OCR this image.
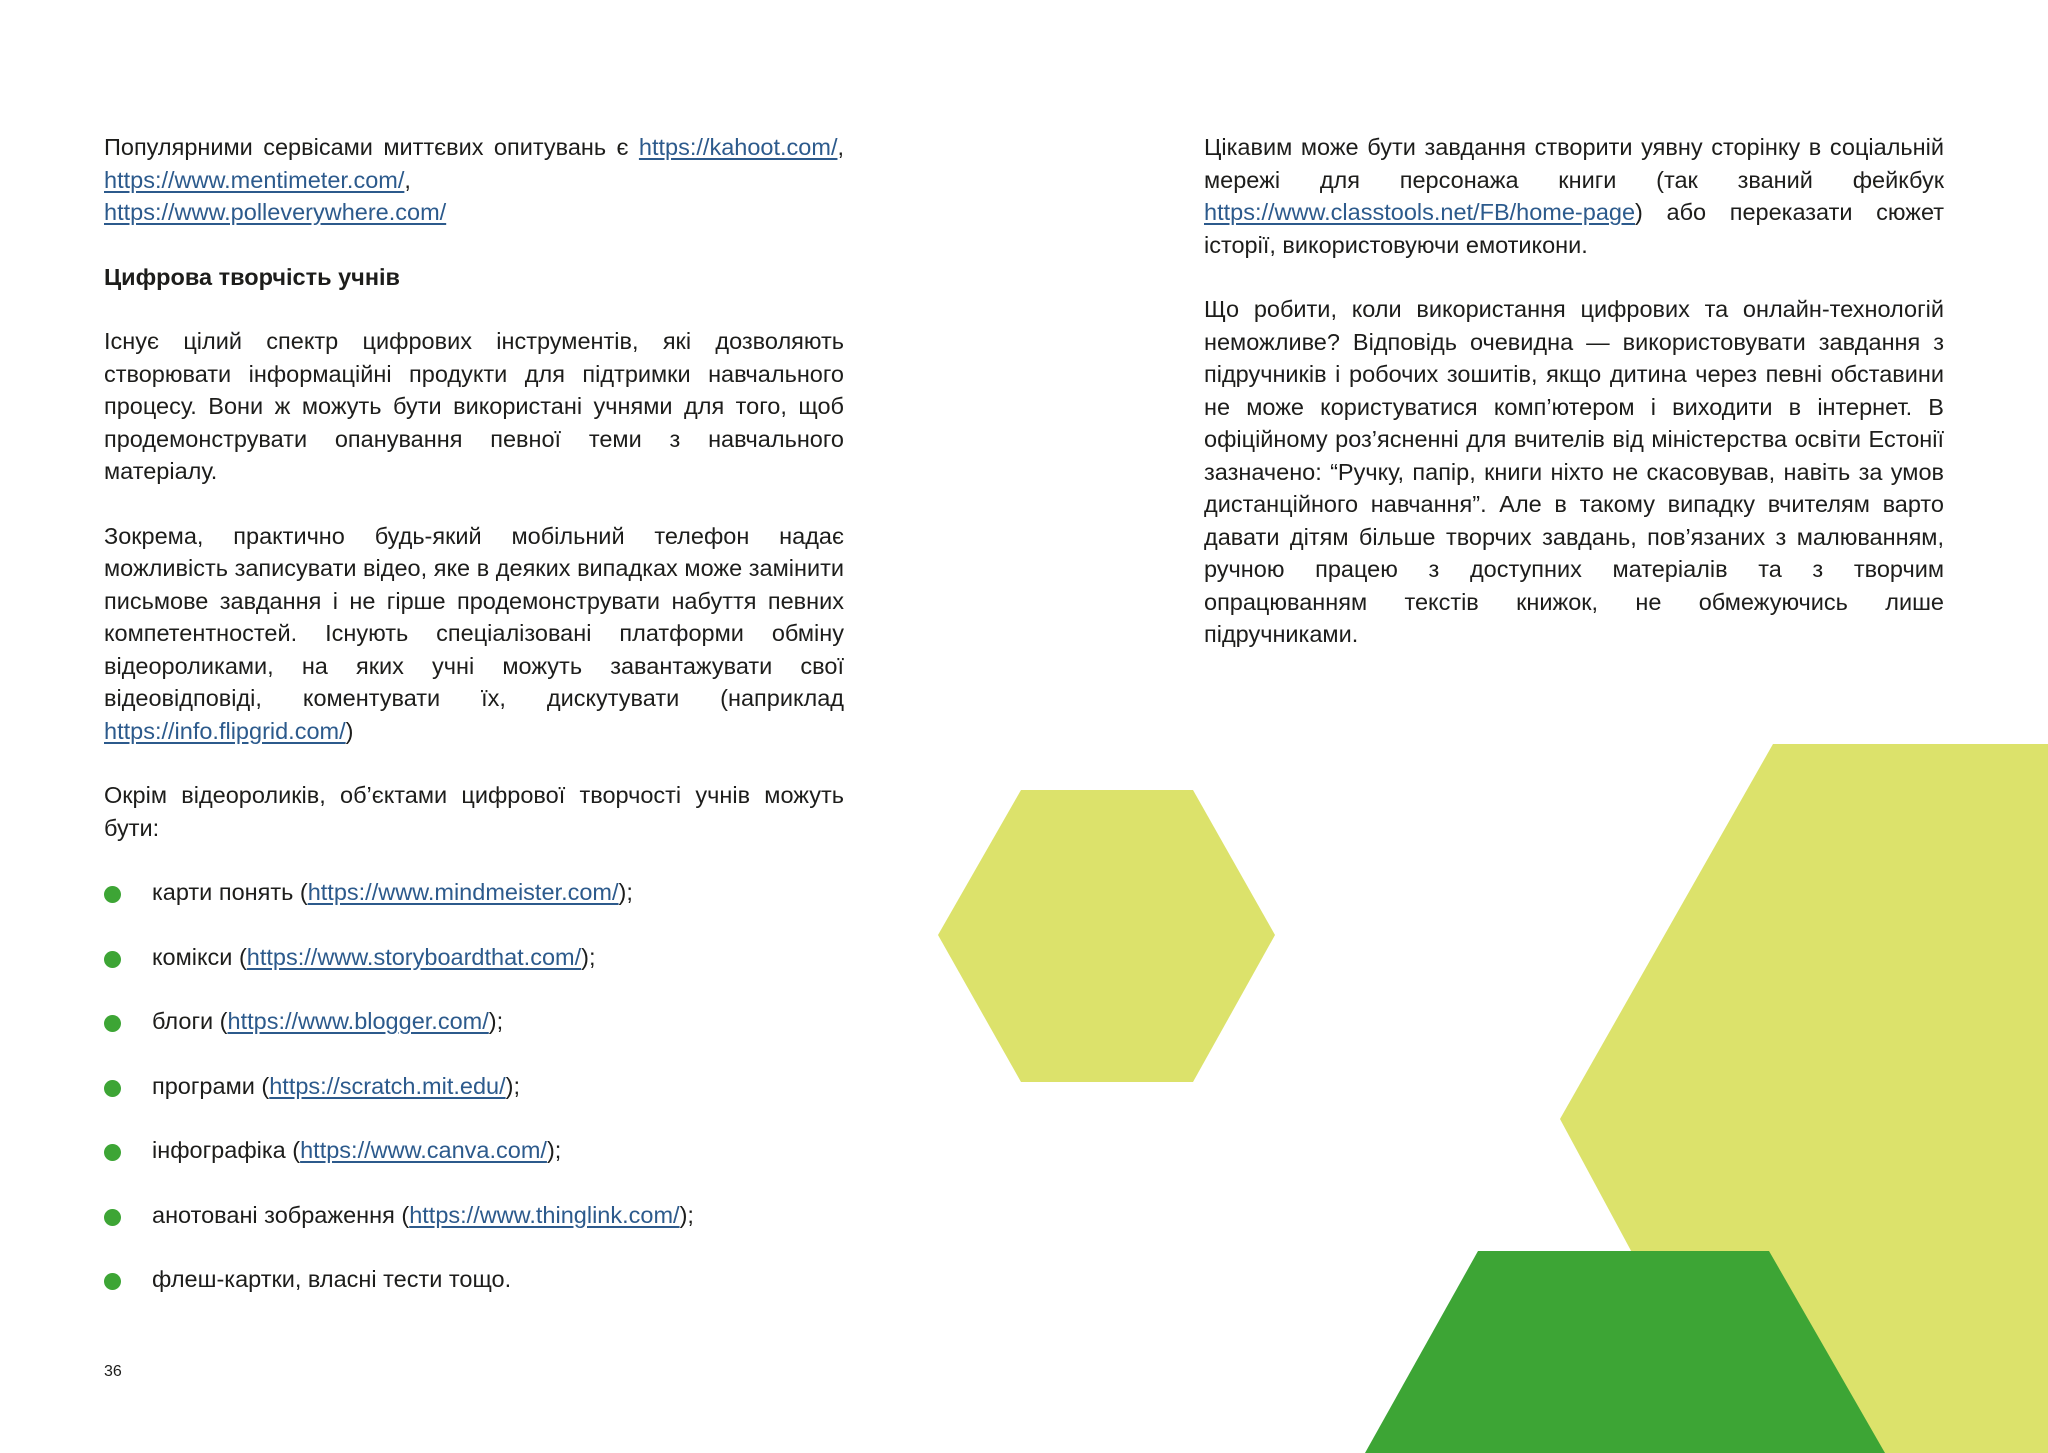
Популярними сервісами миттєвих опитувань є https://kahoot.com/, https://www.mentimeter.com/,
https://www.polleverywhere.com/

Цифрова творчість учнів

Існує цілий спектр цифрових інструментів, які дозволяють створювати інформаційні продукти для підтримки навчального процесу. Вони ж можуть бути використані учнями для того, щоб продемонструвати опанування певної теми з навчального матеріалу.

Зокрема, практично будь-який мобільний телефон надає можливість записувати відео, яке в деяких випадках може замінити письмове завдання і не гірше продемонструвати набуття певних компетентностей. Існують спеціалізовані платформи обміну відеороликами, на яких учні можуть завантажувати свої відеовідповіді, коментувати їх, дискутувати (наприклад https://info.flipgrid.com/)

Окрім відеороликів, об’єктами цифрової творчості учнів можуть бути:

карти понять (https://www.mindmeister.com/);
комікси (https://www.storyboardthat.com/);
блоги (https://www.blogger.com/);
програми (https://scratch.mit.edu/);
інфографіка (https://www.canva.com/);
анотовані зображення (https://www.thinglink.com/);
флеш-картки, власні тести тощо.

Цікавим може бути завдання створити уявну сторінку в соціальній мережі для персонажа книги (так званий фейкбук https://www.classtools.net/FB/home-page) або переказати сюжет історії, використовуючи емотикони.

Що робити, коли використання цифрових та онлайн-технологій неможливе? Відповідь очевидна — використовувати завдання з підручників і робочих зошитів, якщо дитина через певні обставини не може користуватися комп’ютером і виходити в інтернет. В офіційному роз’ясненні для вчителів від міністерства освіти Естонії зазначено: “Ручку, папір, книги ніхто не скасовував, навіть за умов дистанційного навчання”. Але в такому випадку вчителям варто давати дітям більше творчих завдань, пов’язаних з малюванням, ручною працею з доступних матеріалів та з творчим опрацюванням текстів книжок, не обмежуючись лише підручниками.

36
